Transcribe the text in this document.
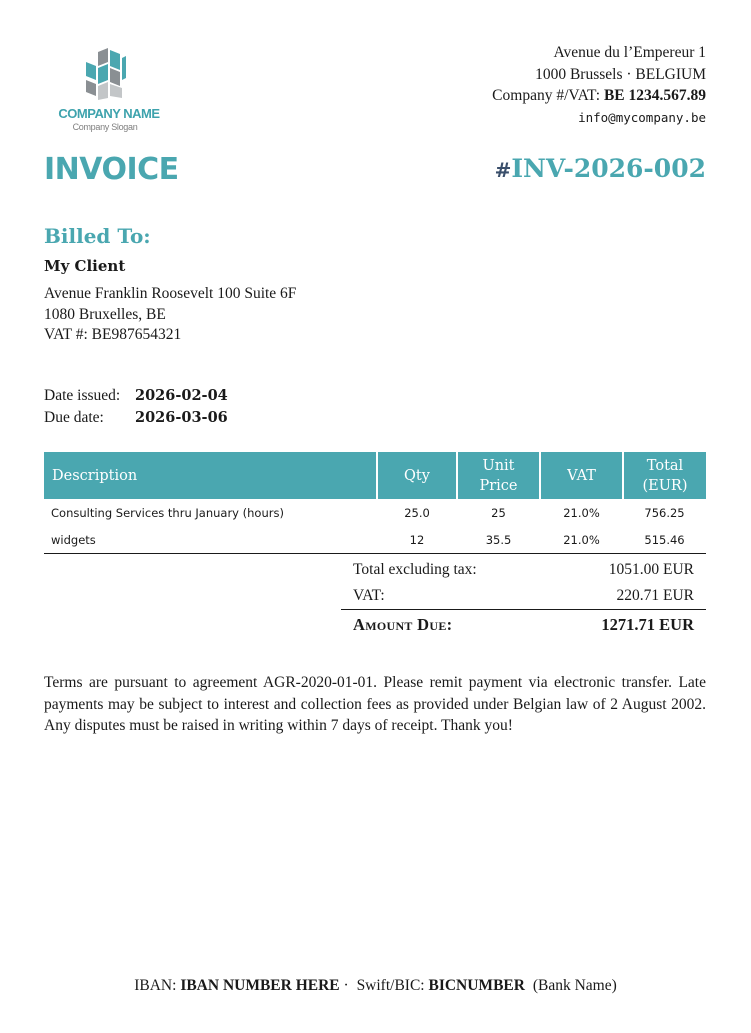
COMPANY NAME
Company Slogan
Avenue du l’Empereur 1
1000 Brussels · BELGIUM
Company #/VAT: BE 1234.567.89
info@mycompany.be
INVOICE	#INV-2026-002
Billed To:
My Client
Avenue Franklin Roosevelt 100 Suite 6F
1080 Bruxelles, BE
VAT #: BE987654321
Date issued:	2026-02-04
Due date:	2026-03-06
Description	Qty	Unit Price	VAT	Total (EUR)
Consulting Services thru January (hours)	25.0	25	21.0%	756.25
widgets	12	35.5	21.0%	515.46
Total excluding tax:	1051.00 EUR
VAT:	220.71 EUR
Amount Due:	1271.71 EUR
Terms are pursuant to agreement AGR-2020-01-01. Please remit payment via electronic transfer. Late payments may be subject to interest and collection fees as provided under Belgian law of 2 August 2002. Any disputes must be raised in writing within 7 days of receipt. Thank you!
IBAN: IBAN NUMBER HERE · Swift/BIC: BICNUMBER (Bank Name)
